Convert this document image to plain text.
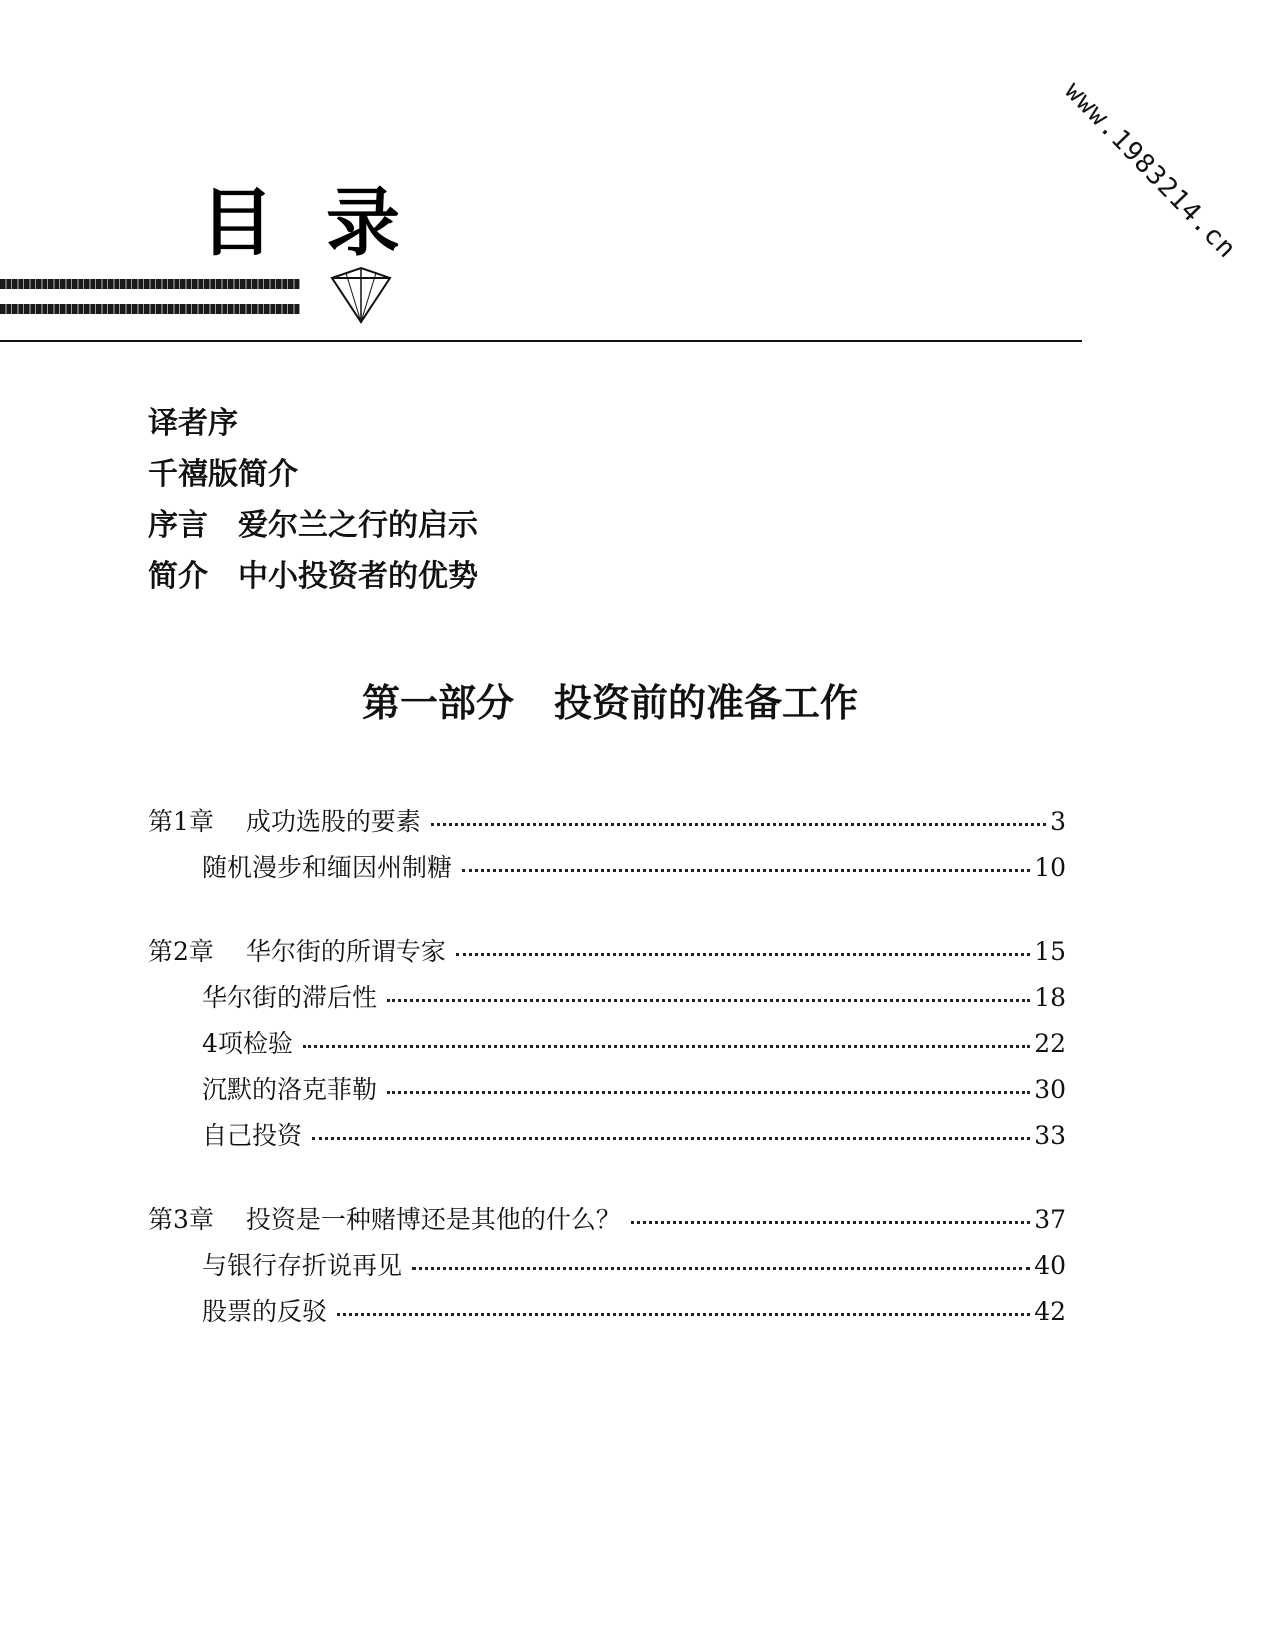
www.1983214.cn
目录
译者序
千禧版简介
序言 爱尔兰之行的启示
简介 中小投资者的优势
第一部分 投资前的准备工作
第1章 成功选股的要素	3
随机漫步和缅因州制糖	10
第2章 华尔街的所谓专家	15
华尔街的滞后性	18
4项检验	22
沉默的洛克菲勒	30
自己投资	33
第3章 投资是一种赌博还是其他的什么？	37
与银行存折说再见	40
股票的反驳	42
